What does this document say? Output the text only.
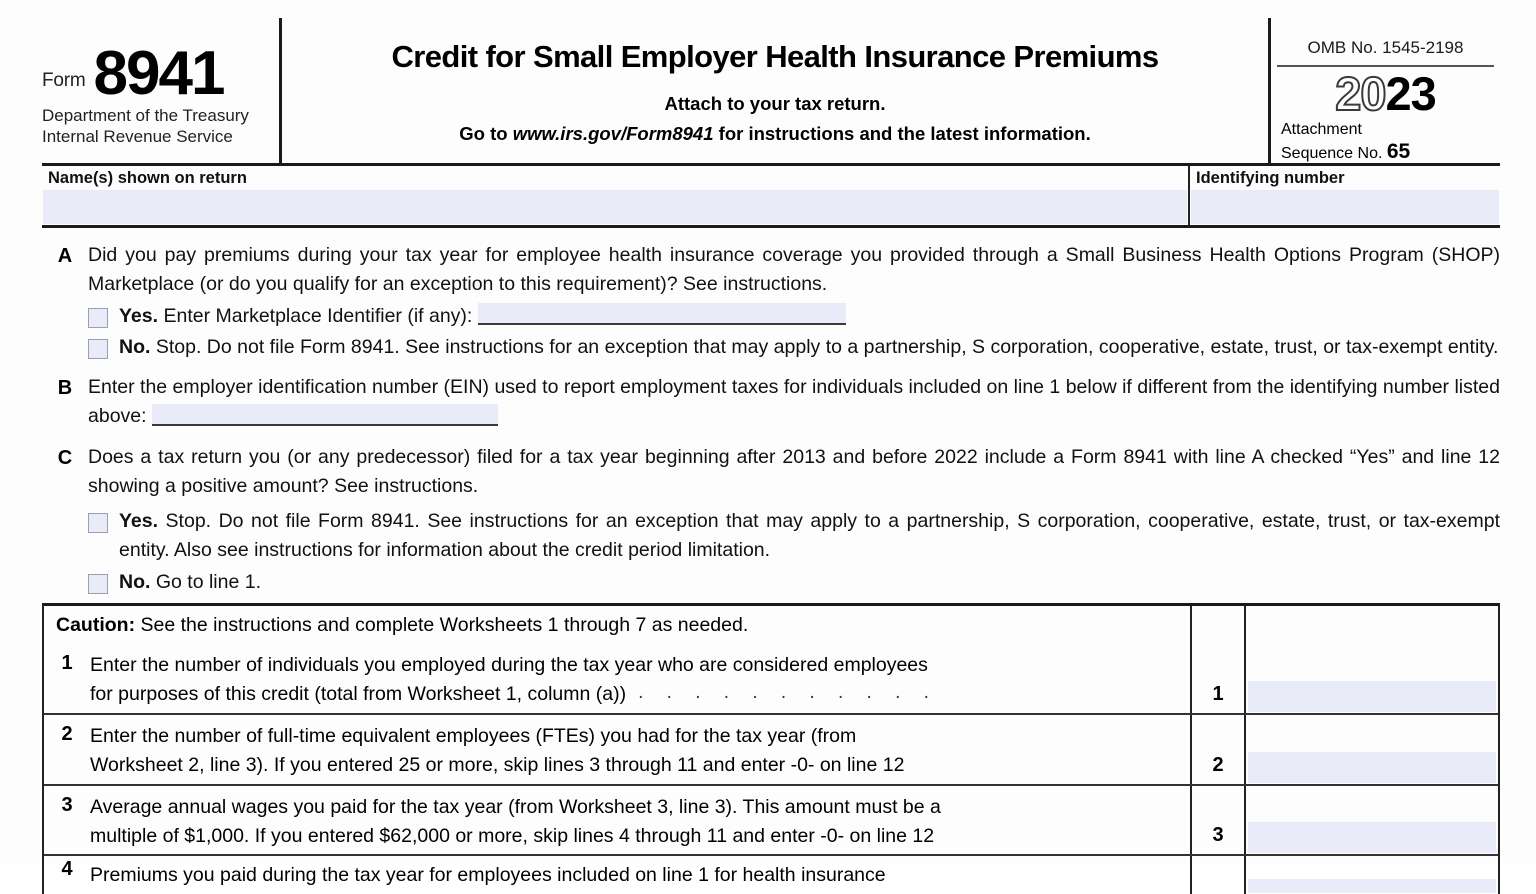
Form 8941
Department of the Treasury
Internal Revenue Service
Credit for Small Employer Health Insurance Premiums
Attach to your tax return.
Go to www.irs.gov/Form8941 for instructions and the latest information.
OMB No. 1545-2198
2023
Attachment
Sequence No. 65
Name(s) shown on return	Identifying number
A Did you pay premiums during your tax year for employee health insurance coverage you provided through a Small Business Health Options Program (SHOP) Marketplace (or do you qualify for an exception to this requirement)? See instructions.
Yes. Enter Marketplace Identifier (if any):
No. Stop. Do not file Form 8941. See instructions for an exception that may apply to a partnership, S corporation, cooperative, estate, trust, or tax-exempt entity.
B Enter the employer identification number (EIN) used to report employment taxes for individuals included on line 1 below if different from the identifying number listed above:
C Does a tax return you (or any predecessor) filed for a tax year beginning after 2013 and before 2022 include a Form 8941 with line A checked “Yes” and line 12 showing a positive amount? See instructions.
Yes. Stop. Do not file Form 8941. See instructions for an exception that may apply to a partnership, S corporation, cooperative, estate, trust, or tax-exempt entity. Also see instructions for information about the credit period limitation.
No. Go to line 1.
Caution: See the instructions and complete Worksheets 1 through 7 as needed.
1 Enter the number of individuals you employed during the tax year who are considered employees
for purposes of this credit (total from Worksheet 1, column (a)) . . . . . . . . . . .	1
2 Enter the number of full-time equivalent employees (FTEs) you had for the tax year (from
Worksheet 2, line 3). If you entered 25 or more, skip lines 3 through 11 and enter -0- on line 12	2
3 Average annual wages you paid for the tax year (from Worksheet 3, line 3). This amount must be a
multiple of $1,000. If you entered $62,000 or more, skip lines 4 through 11 and enter -0- on line 12	3
4 Premiums you paid during the tax year for employees included on line 1 for health insurance
